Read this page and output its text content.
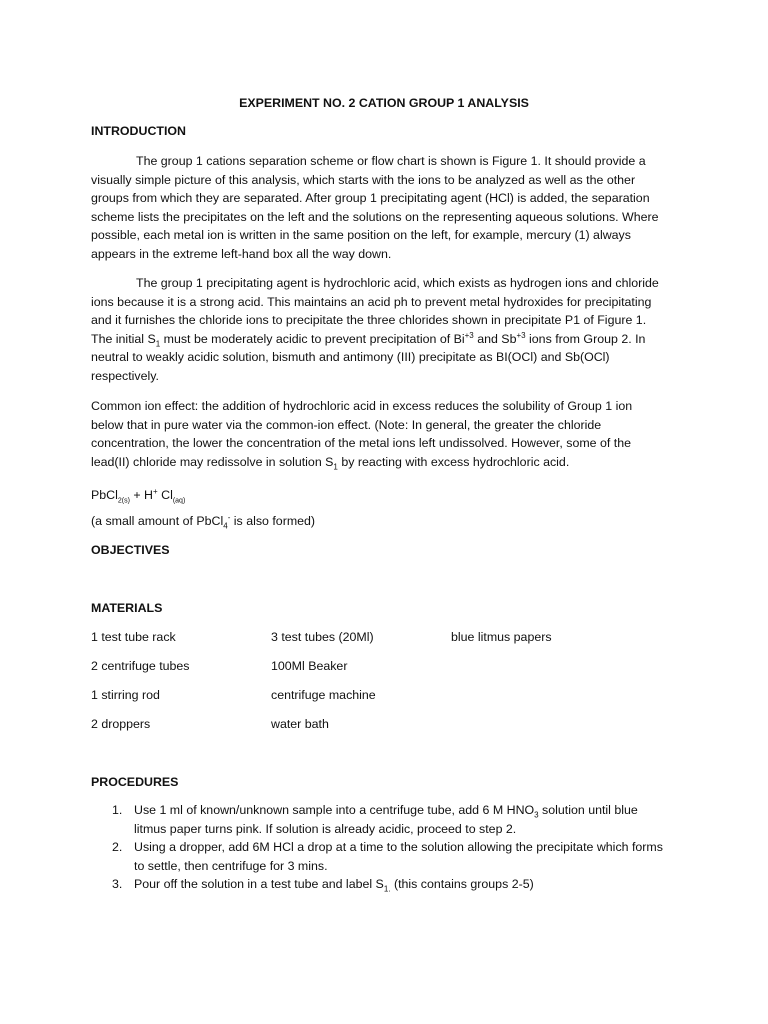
EXPERIMENT NO. 2 CATION GROUP 1 ANALYSIS
INTRODUCTION
The group 1 cations separation scheme or flow chart is shown is Figure 1. It should provide a visually simple picture of this analysis, which starts with the ions to be analyzed as well as the other groups from which they are separated. After group 1 precipitating agent (HCl) is added, the separation scheme lists the precipitates on the left and the solutions on the representing aqueous solutions. Where possible, each metal ion is written in the same position on the left, for example, mercury (1) always appears in the extreme left-hand box all the way down.
The group 1 precipitating agent is hydrochloric acid, which exists as hydrogen ions and chloride ions because it is a strong acid. This maintains an acid ph to prevent metal hydroxides for precipitating and it furnishes the chloride ions to precipitate the three chlorides shown in precipitate P1 of Figure 1. The initial $S_1$ must be moderately acidic to prevent precipitation of $Bi^{+3}$ and $Sb^{+3}$ ions from Group 2. In neutral to weakly acidic solution, bismuth and antimony (III) precipitate as BI(OCl) and Sb(OCl) respectively.
Common ion effect: the addition of hydrochloric acid in excess reduces the solubility of Group 1 ion below that in pure water via the common-ion effect. (Note: In general, the greater the chloride concentration, the lower the concentration of the metal ions left undissolved. However, some of the lead(II) chloride may redissolve in solution $S_1$ by reacting with excess hydrochloric acid.
PbCl$_{2(s)}$ + H+ $Cl_{(aq)}$
(a small amount of PbCl$_4$- is also formed)
OBJECTIVES
MATERIALS
1 test tube rack	3 test tubes (20Ml)	blue litmus papers
2 centrifuge tubes	100Ml Beaker
1 stirring rod	centrifuge machine
2 droppers	water bath
PROCEDURES
1. Use 1 ml of known/unknown sample into a centrifuge tube, add 6 M $HNO_3$ solution until blue litmus paper turns pink. If solution is already acidic, proceed to step 2.
2. Using a dropper, add 6M HCl a drop at a time to the solution allowing the precipitate which forms to settle, then centrifuge for 3 mins.
3. Pour off the solution in a test tube and label $S_{1.}$ (this contains groups 2-5)
